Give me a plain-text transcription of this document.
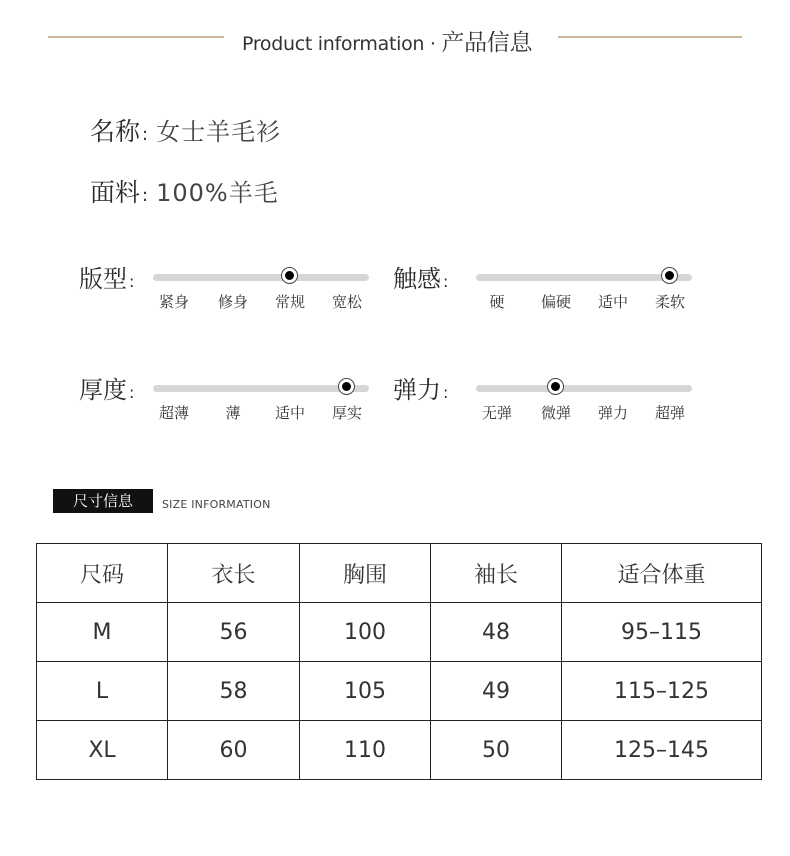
Product information · 产品信息
名称 : 女士羊毛衫
面料 : 100%羊毛
版型 :
紧身 修身 常规 宽松
触感 :
硬 偏硬 适中 柔软
厚度 :
超薄 薄 适中 厚实
弹力 :
无弹 微弹 弹力 超弹
尺寸信息	SIZE INFORMATION
尺码	衣长	胸围	袖长	适合体重
M	56	100	48	95–115
L	58	105	49	115–125
XL	60	110	50	125–145
